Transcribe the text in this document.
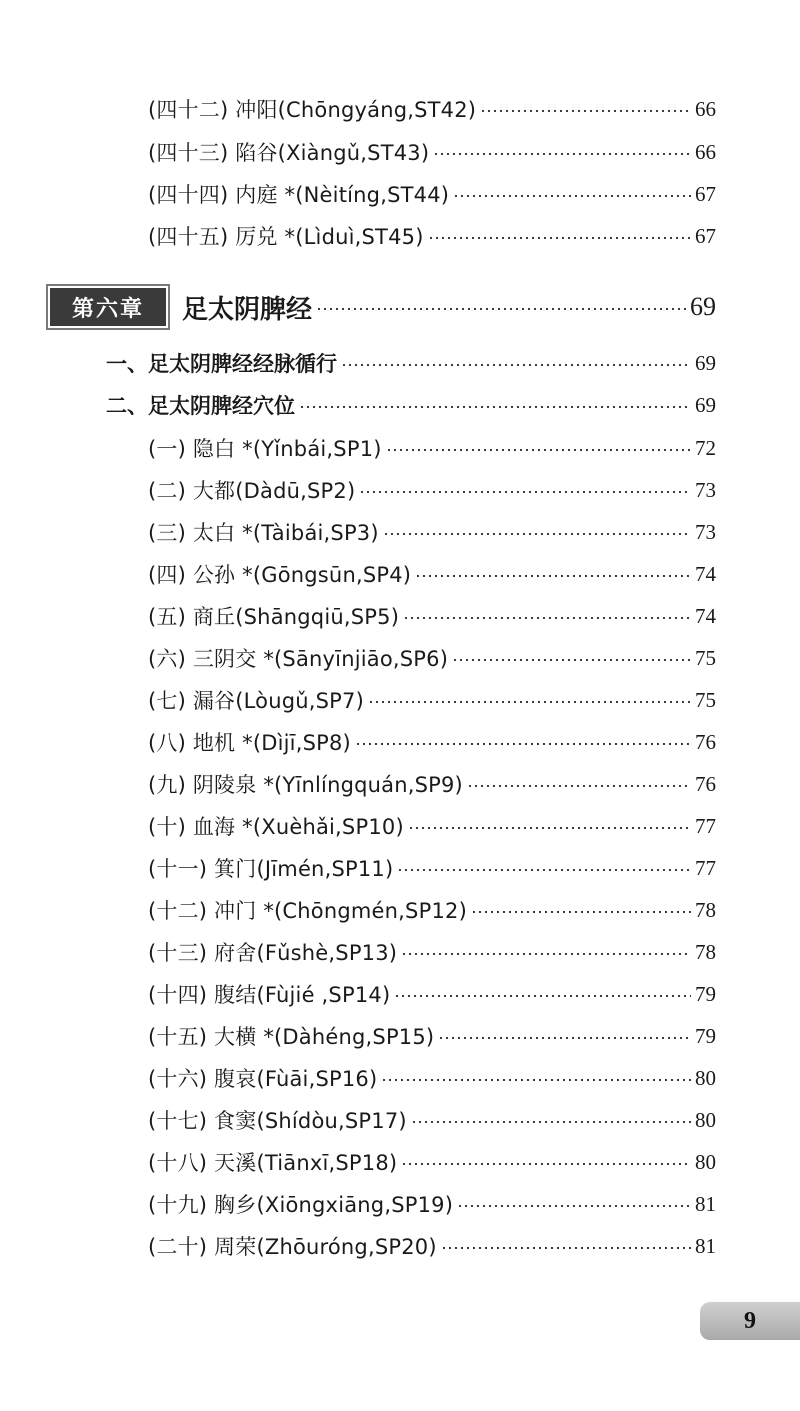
(四十二) 冲阳(Chōngyáng,ST42)	66
(四十三) 陷谷(Xiàngǔ,ST43)	66
(四十四) 内庭 *(Nèitíng,ST44)	67
(四十五) 厉兑 *(Lìduì,ST45)	67
第六章	足太阴脾经	69
一、足太阴脾经经脉循行	69
二、足太阴脾经穴位	69
(一) 隐白 *(Yǐnbái,SP1)	72
(二) 大都(Dàdū,SP2)	73
(三) 太白 *(Tàibái,SP3)	73
(四) 公孙 *(Gōngsūn,SP4)	74
(五) 商丘(Shāngqiū,SP5)	74
(六) 三阴交 *(Sānyīnjiāo,SP6)	75
(七) 漏谷(Lòugǔ,SP7)	75
(八) 地机 *(Dìjī,SP8)	76
(九) 阴陵泉 *(Yīnlíngquán,SP9)	76
(十) 血海 *(Xuèhǎi,SP10)	77
(十一) 箕门(Jīmén,SP11)	77
(十二) 冲门 *(Chōngmén,SP12)	78
(十三) 府舍(Fǔshè,SP13)	78
(十四) 腹结(Fùjié ,SP14)	79
(十五) 大横 *(Dàhéng,SP15)	79
(十六) 腹哀(Fùāi,SP16)	80
(十七) 食窦(Shídòu,SP17)	80
(十八) 天溪(Tiānxī,SP18)	80
(十九) 胸乡(Xiōngxiāng,SP19)	81
(二十) 周荣(Zhōuróng,SP20)	81
9
